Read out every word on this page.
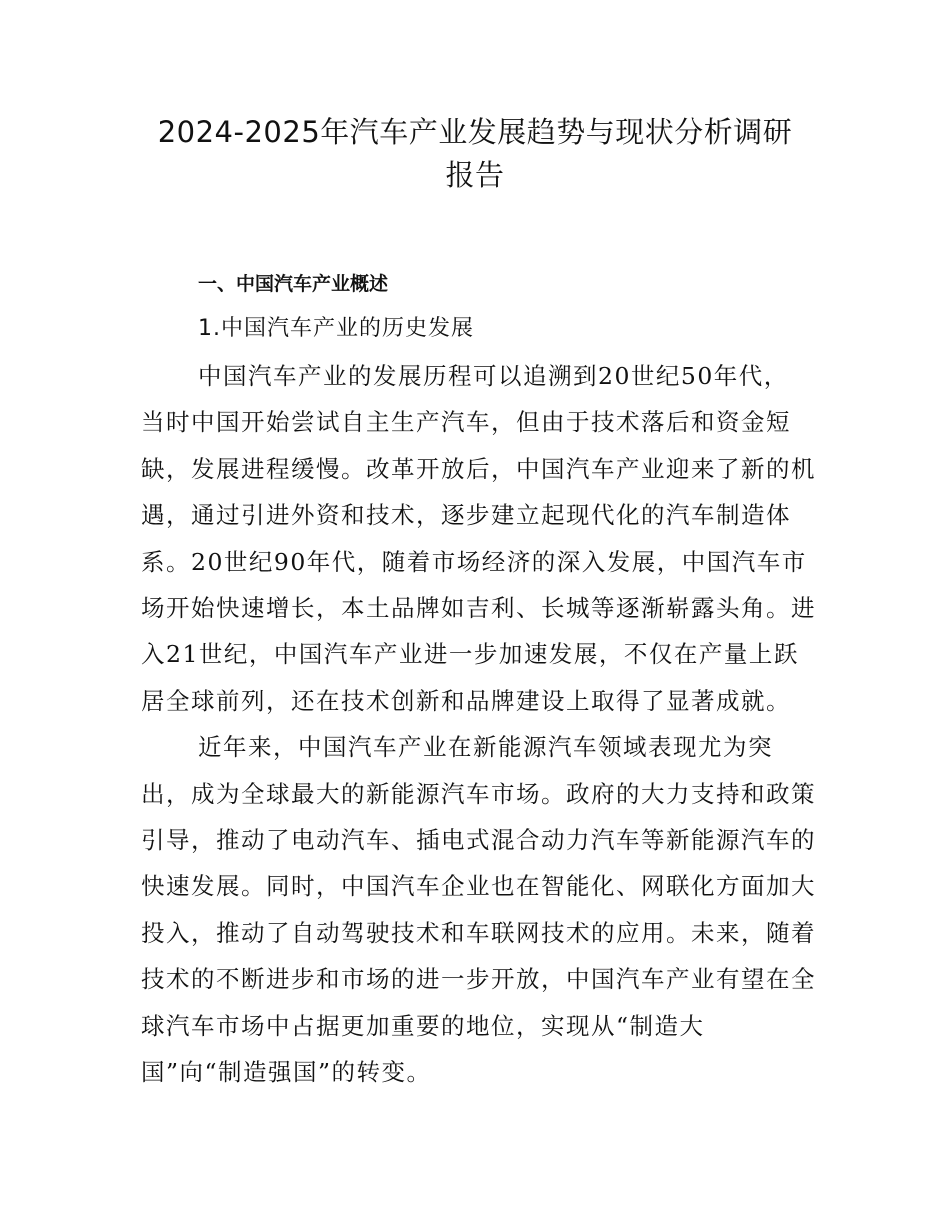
2024-2025年汽车产业发展趋势与现状分析调研
报告
一、中国汽车产业概述
1.中国汽车产业的历史发展

中国汽车产业的发展历程可以追溯到20世纪50年代，

当时中国开始尝试自主生产汽车，但由于技术落后和资金短

缺，发展进程缓慢。改革开放后，中国汽车产业迎来了新的机

遇，通过引进外资和技术，逐步建立起现代化的汽车制造体

系。20世纪90年代，随着市场经济的深入发展，中国汽车市

场开始快速增长，本土品牌如吉利、长城等逐渐崭露头角。进

入21世纪，中国汽车产业进一步加速发展，不仅在产量上跃

居全球前列，还在技术创新和品牌建设上取得了显著成就。

近年来，中国汽车产业在新能源汽车领域表现尤为突

出，成为全球最大的新能源汽车市场。政府的大力支持和政策

引导，推动了电动汽车、插电式混合动力汽车等新能源汽车的

快速发展。同时，中国汽车企业也在智能化、网联化方面加大

投入，推动了自动驾驶技术和车联网技术的应用。未来，随着

技术的不断进步和市场的进一步开放，中国汽车产业有望在全

球汽车市场中占据更加重要的地位，实现从“制造大

国”向“制造强国”的转变。
